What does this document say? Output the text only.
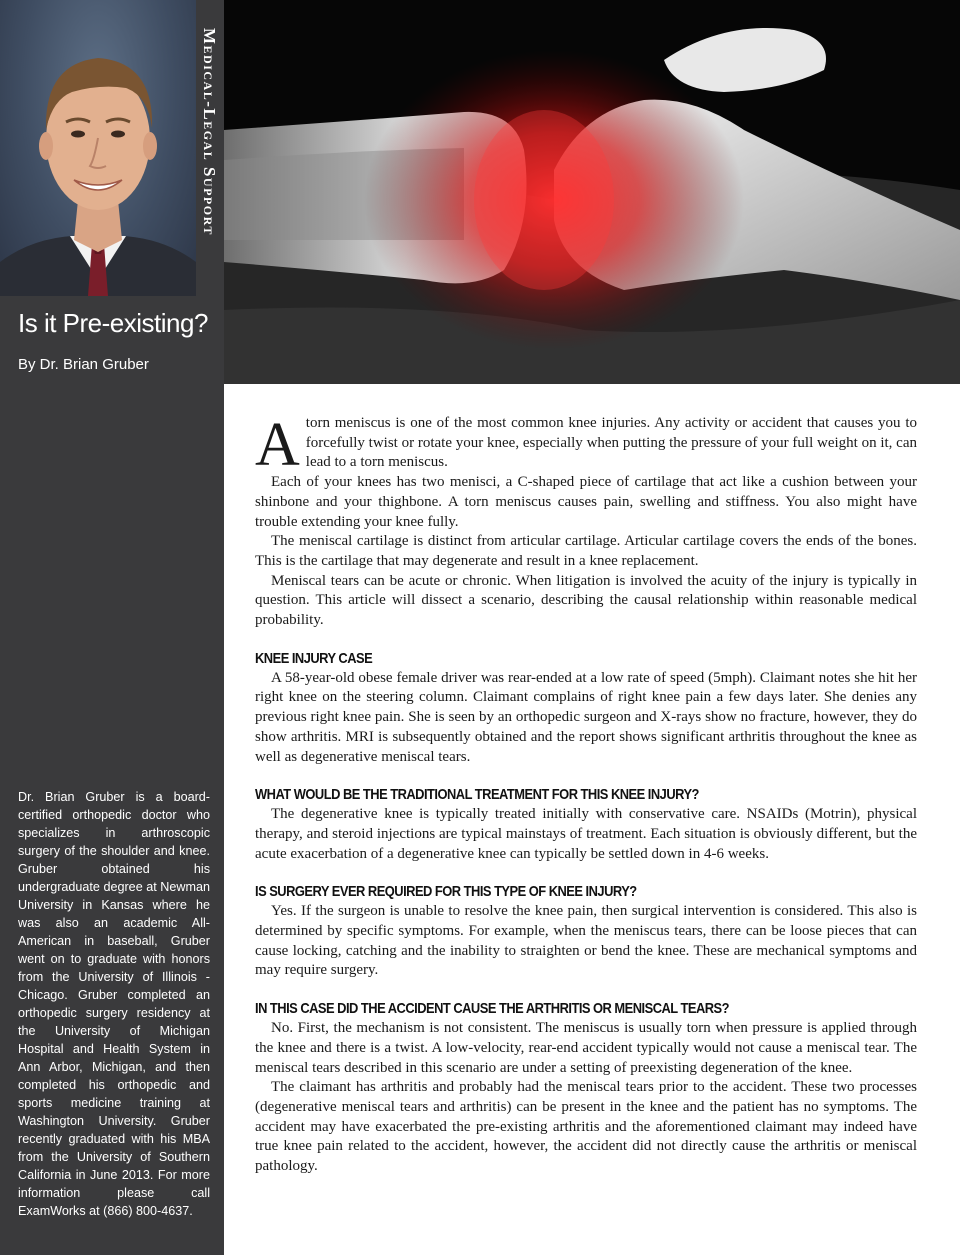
Medical-Legal Support
Is it Pre-existing?
By Dr. Brian Gruber
Dr. Brian Gruber is a board-certified orthopedic doctor who specializes in arthroscopic surgery of the shoulder and knee. Gruber obtained his undergraduate degree at Newman University in Kansas where he was also an academic All-American in baseball, Gruber went on to graduate with honors from the University of Illinois - Chicago. Gruber completed an orthopedic surgery residency at the University of Michigan Hospital and Health System in Ann Arbor, Michigan, and then completed his orthopedic and sports medicine training at Washington University. Gruber recently graduated with his MBA from the University of Southern California in June 2013. For more information please call ExamWorks at (866) 800-4637.

A torn meniscus is one of the most common knee injuries. Any activity or accident that causes you to forcefully twist or rotate your knee, especially when putting the pressure of your full weight on it, can lead to a torn meniscus.

Each of your knees has two menisci, a C-shaped piece of cartilage that act like a cushion between your shinbone and your thighbone. A torn meniscus causes pain, swelling and stiffness. You also might have trouble extending your knee fully.

The meniscal cartilage is distinct from articular cartilage. Articular cartilage covers the ends of the bones. This is the cartilage that may degenerate and result in a knee replacement.

Meniscal tears can be acute or chronic. When litigation is involved the acuity of the injury is typically in question. This article will dissect a scenario, describing the causal relationship within reasonable medical probability.

KNEE INJURY CASE

A 58-year-old obese female driver was rear-ended at a low rate of speed (5mph). Claimant notes she hit her right knee on the steering column. Claimant complains of right knee pain a few days later. She denies any previous right knee pain. She is seen by an orthopedic surgeon and X-rays show no fracture, however, they do show arthritis. MRI is subsequently obtained and the report shows significant arthritis throughout the knee as well as degenerative meniscal tears.

WHAT WOULD BE THE TRADITIONAL TREATMENT FOR THIS KNEE INJURY?

The degenerative knee is typically treated initially with conservative care. NSAIDs (Motrin), physical therapy, and steroid injections are typical mainstays of treatment. Each situation is obviously different, but the acute exacerbation of a degenerative knee can typically be settled down in 4-6 weeks.

IS SURGERY EVER REQUIRED FOR THIS TYPE OF KNEE INJURY?

Yes. If the surgeon is unable to resolve the knee pain, then surgical intervention is considered. This also is determined by specific symptoms. For example, when the meniscus tears, there can be loose pieces that can cause locking, catching and the inability to straighten or bend the knee. These are mechanical symptoms and may require surgery.

IN THIS CASE DID THE ACCIDENT CAUSE THE ARTHRITIS OR MENISCAL TEARS?

No. First, the mechanism is not consistent. The meniscus is usually torn when pressure is applied through the knee and there is a twist. A low-velocity, rear-end accident typically would not cause a meniscal tear. The meniscal tears described in this scenario are under a setting of preexisting degeneration of the knee.

The claimant has arthritis and probably had the meniscal tears prior to the accident. These two processes (degenerative meniscal tears and arthritis) can be present in the knee and the patient has no symptoms. The accident may have exacerbated the pre-existing arthritis and the aforementioned claimant may indeed have true knee pain related to the accident, however, the accident did not directly cause the arthritis or meniscal pathology.
